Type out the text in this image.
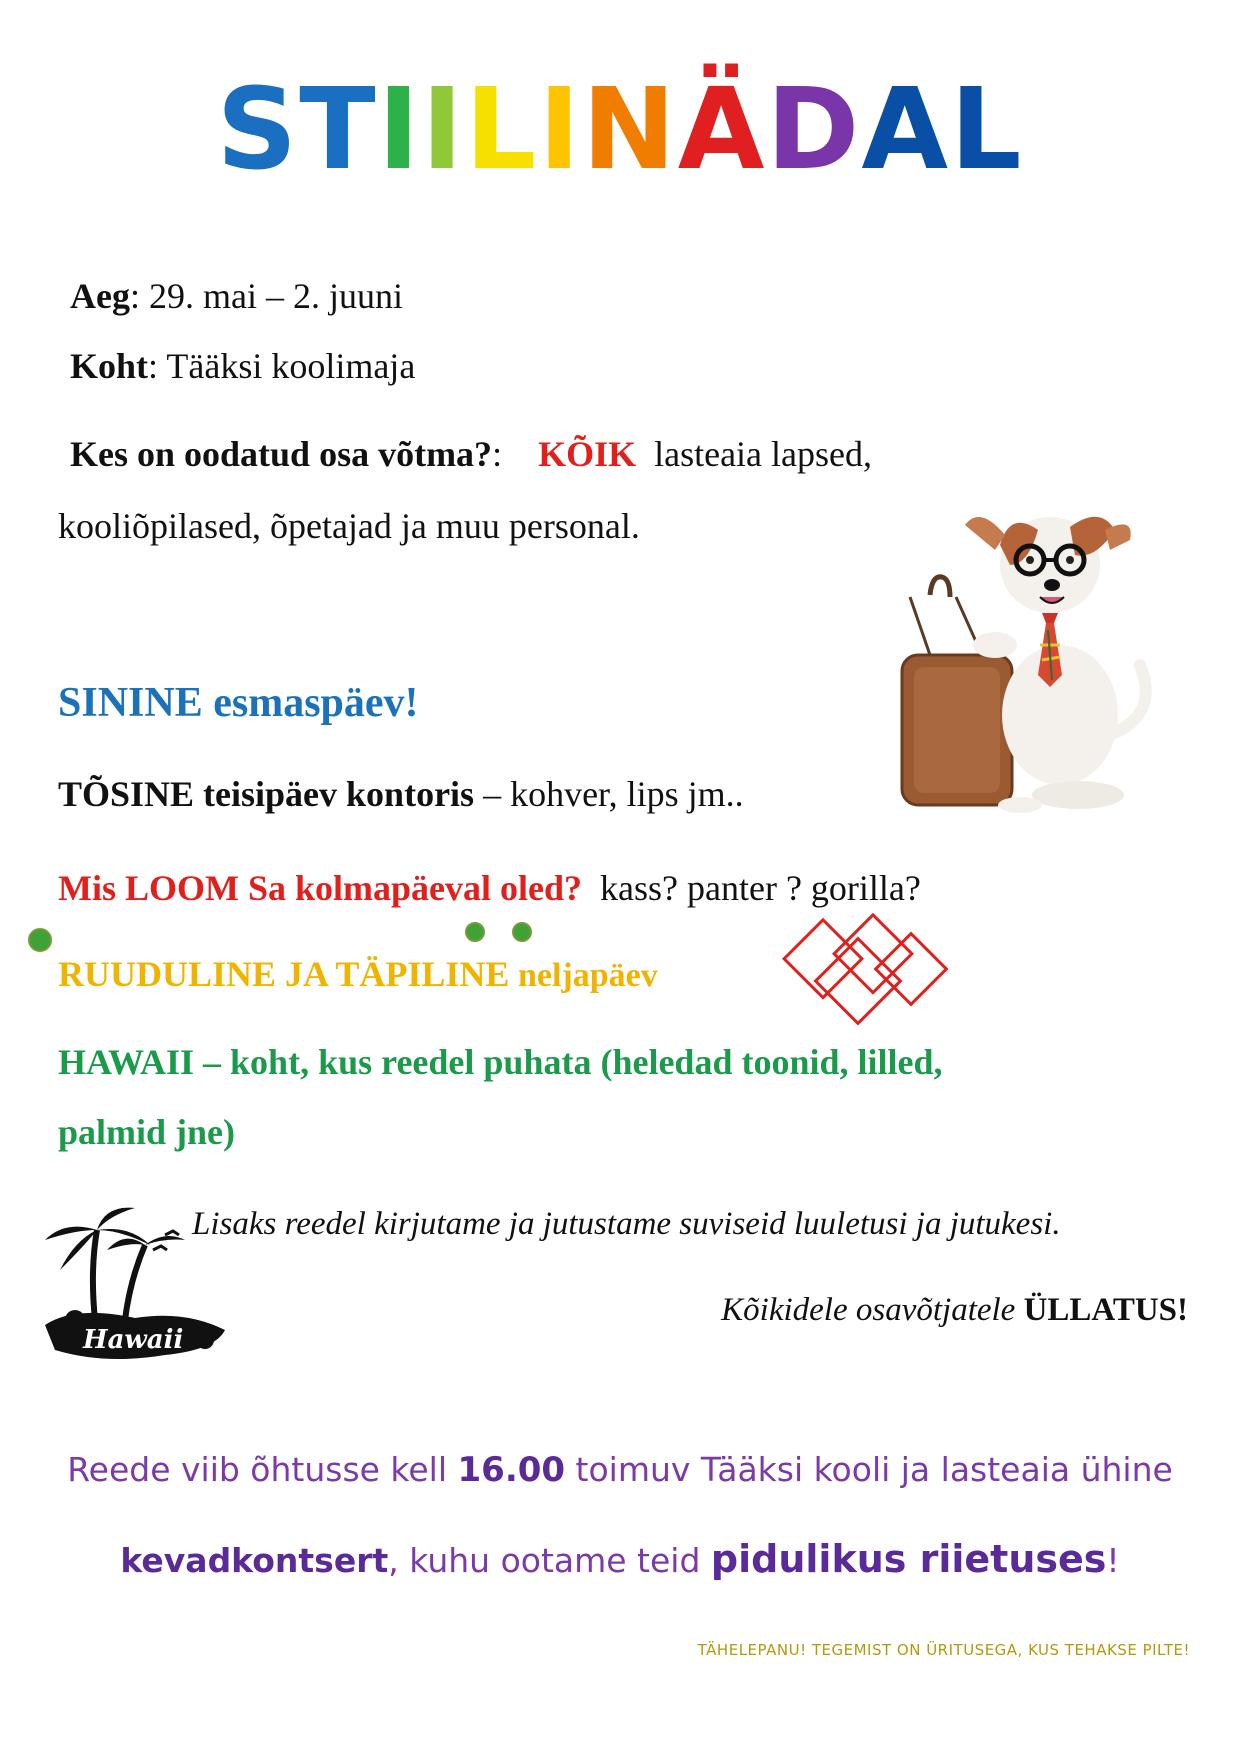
STIILINÄDAL
Aeg: 29. mai – 2. juuni
Koht: Tääksi koolimaja
Kes on oodatud osa võtma?: KÕIK lasteaia lapsed,
kooliõpilased, õpetajad ja muu personal.
SININE esmaspäev!
TÕSINE teisipäev kontoris – kohver, lips jm..
Mis LOOM Sa kolmapäeval oled? kass? panter ? gorilla?
RUUDULINE JA TÄPILINE neljapäev
HAWAII – koht, kus reedel puhata (heledad toonid, lilled,
palmid jne)
Hawaii
Lisaks reedel kirjutame ja jutustame suviseid luuletusi ja jutukesi.
Kõikidele osavõtjatele ÜLLATUS!
Reede viib õhtusse kell 16.00 toimuv Tääksi kooli ja lasteaia ühine
kevadkontsert, kuhu ootame teid pidulikus riietuses!
TÄHELEPANU! TEGEMIST ON ÜRITUSEGA, KUS TEHAKSE PILTE!
